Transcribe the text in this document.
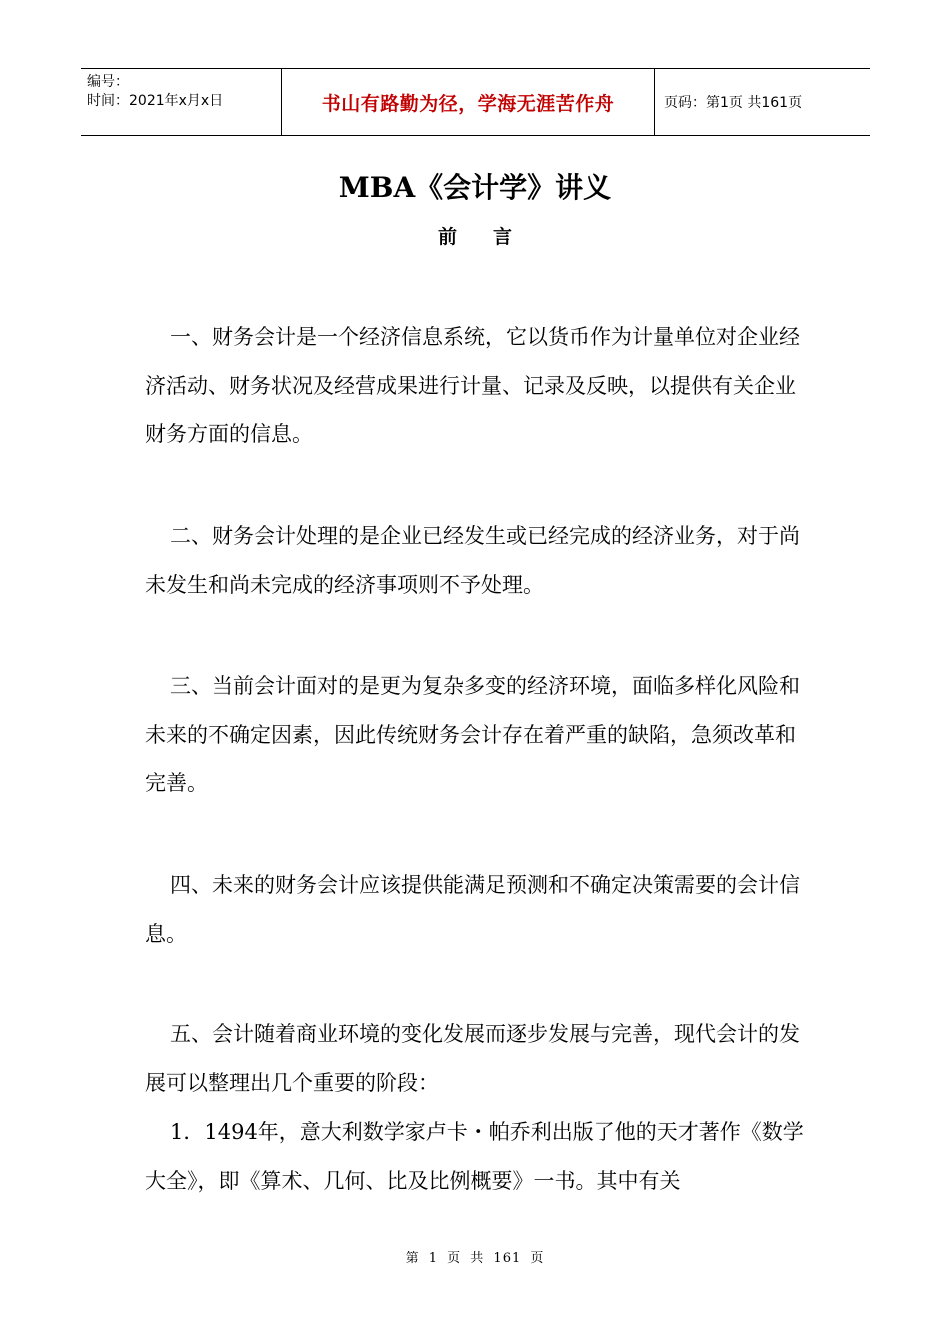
编号：
时间：2021年x月x日	书山有路勤为径，学海无涯苦作舟	页码：第1页 共161页
MBA《会计学》讲义
前言

一、财务会计是一个经济信息系统，它以货币作为计量单位对企业经济活动、财务状况及经营成果进行计量、记录及反映，以提供有关企业财务方面的信息。

二、财务会计处理的是企业已经发生或已经完成的经济业务，对于尚未发生和尚未完成的经济事项则不予处理。

三、当前会计面对的是更为复杂多变的经济环境，面临多样化风险和未来的不确定因素，因此传统财务会计存在着严重的缺陷，急须改革和完善。

四、未来的财务会计应该提供能满足预测和不确定决策需要的会计信息。

五、会计随着商业环境的变化发展而逐步发展与完善，现代会计的发展可以整理出几个重要的阶段：

1．1494年，意大利数学家卢卡・帕乔利出版了他的天才著作《数学大全》，即《算术、几何、比及比例概要》一书。其中有关

第 1 页 共 161 页
